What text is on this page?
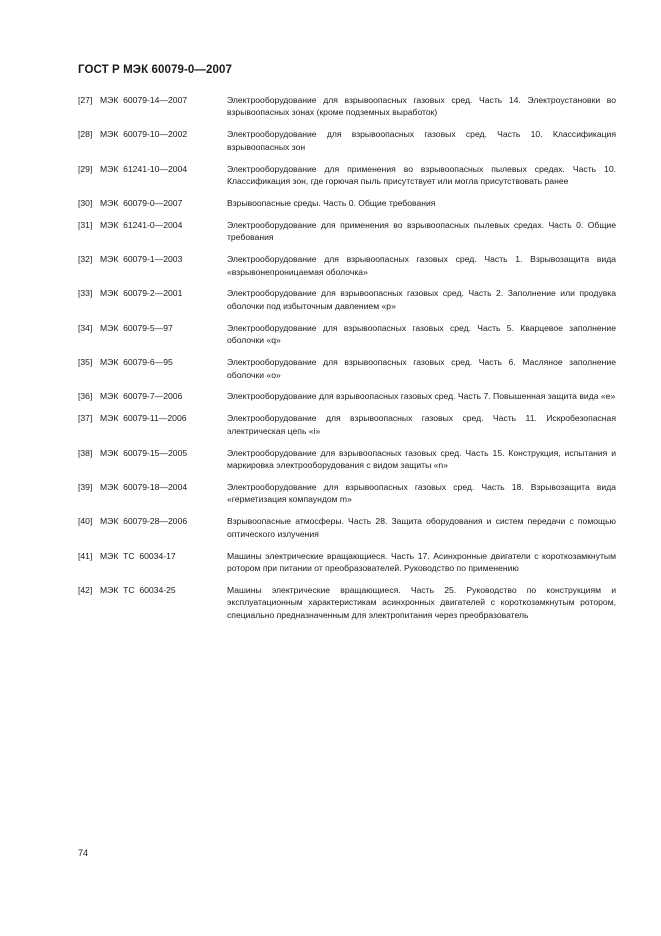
ГОСТ Р МЭК 60079-0—2007
[27] МЭК  60079-14—2007	Электрооборудование для взрывоопасных газовых сред. Часть 14. Электроустановки во взрывоопасных зонах (кроме подземных выработок)
[28] МЭК  60079-10—2002	Электрооборудование для взрывоопасных газовых сред. Часть 10. Классификация взрывоопасных зон
[29] МЭК  61241-10—2004	Электрооборудование для применения во взрывоопасных пылевых средах. Часть 10. Классификация зон, где горючая пыль присутствует или могла присутствовать ранее
[30] МЭК  60079-0—2007	Взрывоопасные среды. Часть 0. Общие требования
[31] МЭК  61241-0—2004	Электрооборудование для применения во взрывоопасных пылевых средах. Часть 0. Общие требования
[32] МЭК  60079-1—2003	Электрооборудование для взрывоопасных газовых сред. Часть 1. Взрывозащита вида «взрывонепроницаемая оболочка»
[33] МЭК  60079-2—2001	Электрооборудование для взрывоопасных газовых сред. Часть 2. Заполнение или продувка оболочки под избыточным давлением «р»
[34] МЭК  60079-5—97	Электрооборудование для взрывоопасных газовых сред. Часть 5. Кварцевое заполнение оболочки «q»
[35] МЭК  60079-6—95	Электрооборудование для взрывоопасных газовых сред. Часть 6. Масляное заполнение оболочки «о»
[36] МЭК  60079-7—2006	Электрооборудование для взрывоопасных газовых сред. Часть 7. Повышенная защита вида «е»
[37] МЭК  60079-11—2006	Электрооборудование для взрывоопасных газовых сред. Часть 11. Искробезопасная электрическая цепь «i»
[38] МЭК  60079-15—2005	Электрооборудование для взрывоопасных газовых сред. Часть 15. Конструкция, испытания и маркировка электрооборудования с видом защиты «n»
[39] МЭК  60079-18—2004	Электрооборудование для взрывоопасных газовых сред. Часть 18. Взрывозащита вида «герметизация компаундом m»
[40] МЭК  60079-28—2006	Взрывоопасные атмосферы. Часть 28. Защита оборудования и систем передачи с помощью оптического излучения
[41] МЭК  ТС  60034-17	Машины электрические вращающиеся. Часть 17. Асинхронные двигатели с короткозамкнутым ротором при питании от преобразователей. Руководство по применению
[42] МЭК  ТС  60034-25	Машины электрические вращающиеся. Часть 25. Руководство по конструкциям и эксплуатационным характеристикам асинхронных двигателей с короткозамкнутым ротором, специально предназначенным для электропитания через преобразователь
74
